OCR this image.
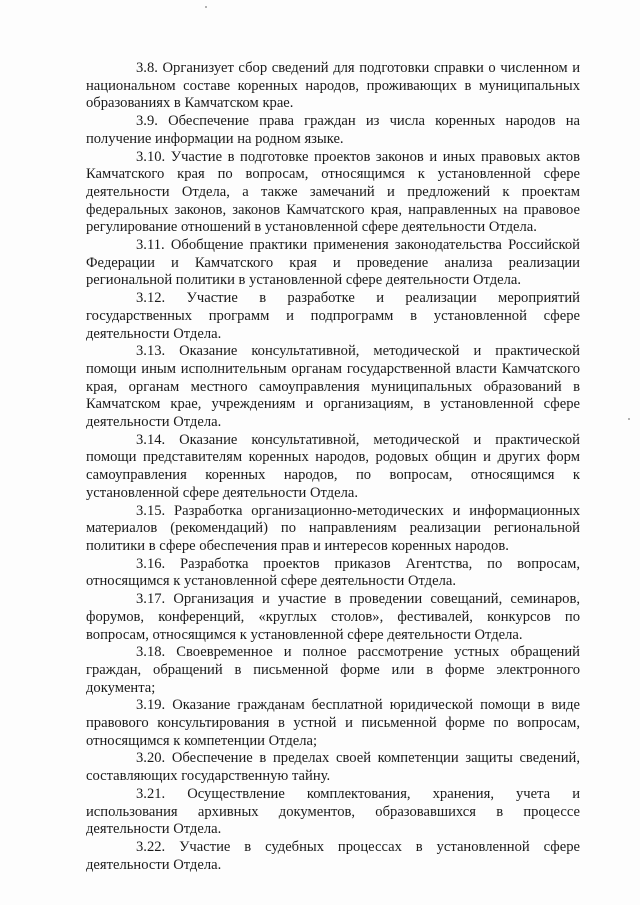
3.8. Организует сбор сведений для подготовки справки о численном и национальном составе коренных народов, проживающих в муниципальных образованиях в Камчатском крае.

3.9. Обеспечение права граждан из числа коренных народов на получение информации на родном языке.

3.10. Участие в подготовке проектов законов и иных правовых актов Камчатского края по вопросам, относящимся к установленной сфере деятельности Отдела, а также замечаний и предложений к проектам федеральных законов, законов Камчатского края, направленных на правовое регулирование отношений в установленной сфере деятельности Отдела.

3.11. Обобщение практики применения законодательства Российской Федерации и Камчатского края и проведение анализа реализации региональной политики в установленной сфере деятельности Отдела.

3.12. Участие в разработке и реализации мероприятий государственных программ и подпрограмм в установленной сфере деятельности Отдела.

3.13. Оказание консультативной, методической и практической помощи иным исполнительным органам государственной власти Камчатского края, органам местного самоуправления муниципальных образований в Камчатском крае, учреждениям и организациям, в установленной сфере деятельности Отдела.

3.14. Оказание консультативной, методической и практической помощи представителям коренных народов, родовых общин и других форм самоуправления коренных народов, по вопросам, относящимся к установленной сфере деятельности Отдела.

3.15. Разработка организационно-методических и информационных материалов (рекомендаций) по направлениям реализации региональной политики в сфере обеспечения прав и интересов коренных народов.

3.16. Разработка проектов приказов Агентства, по вопросам, относящимся к установленной сфере деятельности Отдела.

3.17. Организация и участие в проведении совещаний, семинаров, форумов, конференций, «круглых столов», фестивалей, конкурсов по вопросам, относящимся к установленной сфере деятельности Отдела.

3.18. Своевременное и полное рассмотрение устных обращений граждан, обращений в письменной форме или в форме электронного документа;

3.19. Оказание гражданам бесплатной юридической помощи в виде правового консультирования в устной и письменной форме по вопросам, относящимся к компетенции Отдела;

3.20. Обеспечение в пределах своей компетенции защиты сведений, составляющих государственную тайну.

3.21. Осуществление комплектования, хранения, учета и использования архивных документов, образовавшихся в процессе деятельности Отдела.

3.22. Участие в судебных процессах в установленной сфере деятельности Отдела.
